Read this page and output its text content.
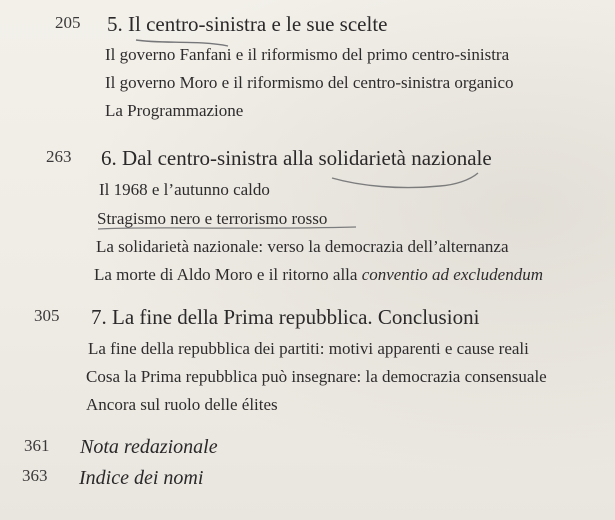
205 5. Il centro-sinistra e le sue scelte
Il governo Fanfani e il riformismo del primo centro-sinistra
Il governo Moro e il riformismo del centro-sinistra organico
La Programmazione
263 6. Dal centro-sinistra alla solidarietà nazionale
Il 1968 e l’autunno caldo
Stragismo nero e terrorismo rosso
La solidarietà nazionale: verso la democrazia dell’alternanza
La morte di Aldo Moro e il ritorno alla conventio ad excludendum
305 7. La fine della Prima repubblica. Conclusioni
La fine della repubblica dei partiti: motivi apparenti e cause reali
Cosa la Prima repubblica può insegnare: la democrazia consensuale
Ancora sul ruolo delle élites
361 Nota redazionale
363 Indice dei nomi
